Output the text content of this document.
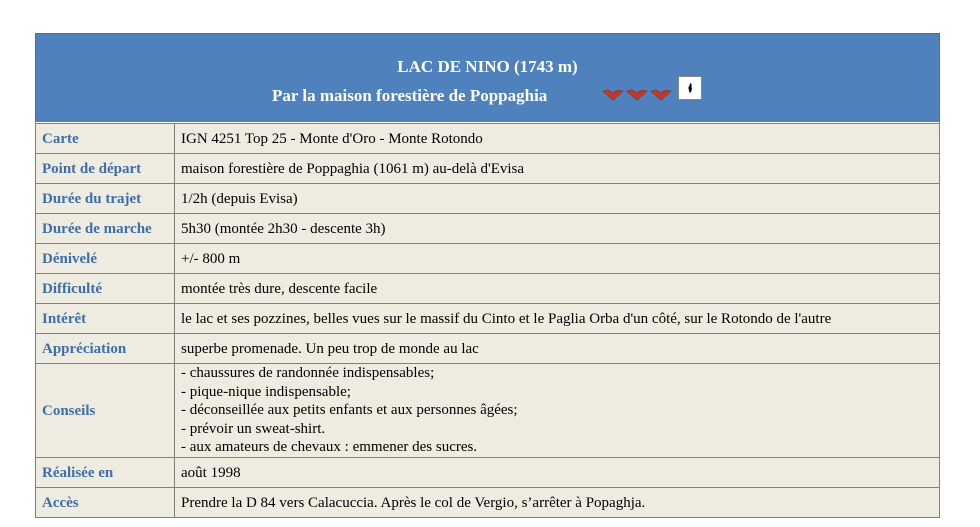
LAC DE NINO (1743 m)
Par la maison forestière de Poppaghia
Carte	IGN 4251 Top 25 - Monte d'Oro - Monte Rotondo
Point de départ	maison forestière de Poppaghia (1061 m) au-delà d'Evisa
Durée du trajet	1/2h (depuis Evisa)
Durée de marche	5h30 (montée 2h30 - descente 3h)
Dénivelé	+/- 800 m
Difficulté	montée très dure, descente facile
Intérêt	le lac et ses pozzines, belles vues sur le massif du Cinto et le Paglia Orba d'un côté, sur le Rotondo de l'autre
Appréciation	superbe promenade. Un peu trop de monde au lac
Conseils	- chaussures de randonnée indispensables;
- pique-nique indispensable;
- déconseillée aux petits enfants et aux personnes âgées;
- prévoir un sweat-shirt.
- aux amateurs de chevaux : emmener des sucres.

Réalisée en	août 1998
Accès	Prendre la D 84 vers Calacuccia. Après le col de Vergio, s’arrêter à Popaghja.
